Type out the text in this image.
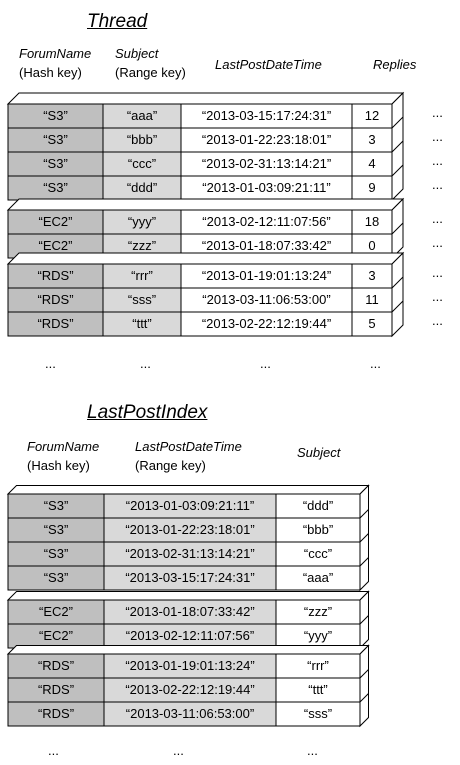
Thread
ForumName
(Hash key)
Subject
(Range key)
LastPostDateTime	Replies
LastPostIndex
ForumName
(Hash key)
LastPostDateTime
(Range key)
Subject
“S3”	“aaa”	“2013-03-15:17:24:31”	12	...
“S3”	“bbb”	“2013-01-22:23:18:01”	3	...
“S3”	“ccc”	“2013-02-31:13:14:21”	4	...
“S3”	“ddd”	“2013-01-03:09:21:11”	9	...
“EC2”	“yyy”	“2013-02-12:11:07:56”	18	...
“EC2”	“zzz”	“2013-01-18:07:33:42”	0	...
“RDS”	“rrr”	“2013-01-19:01:13:24”	3	...
“RDS”	“sss”	“2013-03-11:06:53:00”	11	...
“RDS”	“ttt”	“2013-02-22:12:19:44”	5	...
...	...	...	...
“S3”	“2013-01-03:09:21:11”	“ddd”
“S3”	“2013-01-22:23:18:01”	“bbb”
“S3”	“2013-02-31:13:14:21”	“ccc”
“S3”	“2013-03-15:17:24:31”	“aaa”
“EC2”	“2013-01-18:07:33:42”	“zzz”
“EC2”	“2013-02-12:11:07:56”	“yyy”
“RDS”	“2013-01-19:01:13:24”	“rrr”
“RDS”	“2013-02-22:12:19:44”	“ttt”
“RDS”	“2013-03-11:06:53:00”	“sss”
...	...	...
